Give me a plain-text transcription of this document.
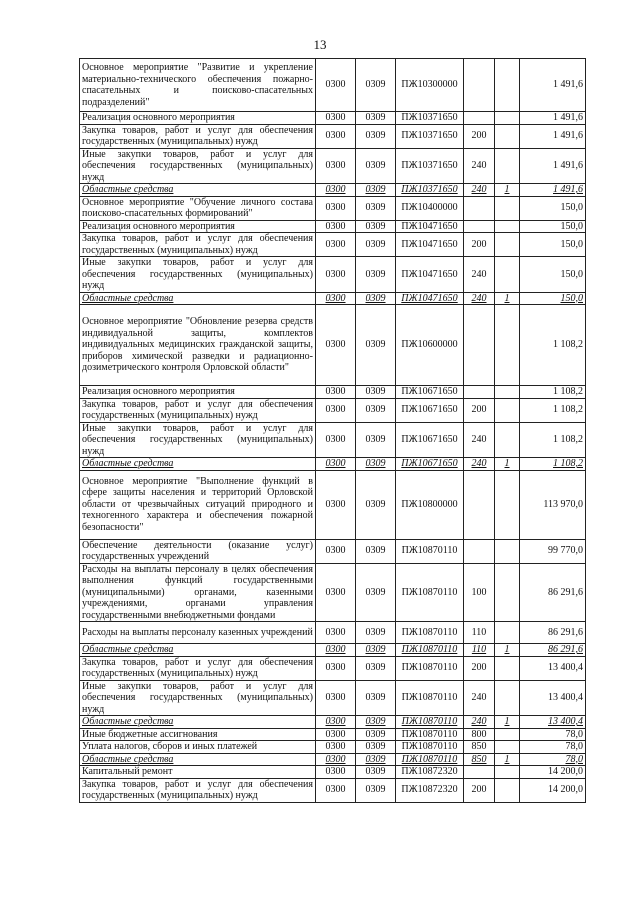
13
Основное мероприятие "Развитие и укрепление материально-технического обеспечения пожарно-спасательных и поисково-спасательных подразделений"	0300	0309	ПЖ10300000			1 491,6
Реализация основного мероприятия	0300	0309	ПЖ10371650			1 491,6
Закупка товаров, работ и услуг для обеспечения государственных (муниципальных) нужд	0300	0309	ПЖ10371650	200		1 491,6
Иные закупки товаров, работ и услуг для обеспечения государственных (муниципальных) нужд	0300	0309	ПЖ10371650	240		1 491,6
Областные средства	0300	0309	ПЖ10371650	240	1	1 491,6
Основное мероприятие "Обучение личного состава поисково-спасательных формирований"	0300	0309	ПЖ10400000			150,0
Реализация основного мероприятия	0300	0309	ПЖ10471650			150,0
Закупка товаров, работ и услуг для обеспечения государственных (муниципальных) нужд	0300	0309	ПЖ10471650	200		150,0
Иные закупки товаров, работ и услуг для обеспечения государственных (муниципальных) нужд	0300	0309	ПЖ10471650	240		150,0
Областные средства	0300	0309	ПЖ10471650	240	1	150,0
Основное мероприятие "Обновление резерва средств индивидуальной защиты, комплектов индивидуальных медицинских гражданской защиты, приборов химической разведки и радиационно-дозиметрического контроля Орловской области"	0300	0309	ПЖ10600000			1 108,2
Реализация основного мероприятия	0300	0309	ПЖ10671650			1 108,2
Закупка товаров, работ и услуг для обеспечения государственных (муниципальных) нужд	0300	0309	ПЖ10671650	200		1 108,2
Иные закупки товаров, работ и услуг для обеспечения государственных (муниципальных) нужд	0300	0309	ПЖ10671650	240		1 108,2
Областные средства	0300	0309	ПЖ10671650	240	1	1 108,2
Основное мероприятие "Выполнение функций в сфере защиты населения и территорий Орловской области от чрезвычайных ситуаций природного и техногенного характера и обеспечения пожарной безопасности"	0300	0309	ПЖ10800000			113 970,0
Обеспечение деятельности (оказание услуг) государственных учреждений	0300	0309	ПЖ10870110			99 770,0
Расходы на выплаты персоналу в целях обеспечения выполнения функций государственными (муниципальными) органами, казенными учреждениями, органами управления государственными внебюджетными фондами	0300	0309	ПЖ10870110	100		86 291,6
Расходы на выплаты персоналу казенных учреждений	0300	0309	ПЖ10870110	110		86 291,6
Областные средства	0300	0309	ПЖ10870110	110	1	86 291,6
Закупка товаров, работ и услуг для обеспечения государственных (муниципальных) нужд	0300	0309	ПЖ10870110	200		13 400,4
Иные закупки товаров, работ и услуг для обеспечения государственных (муниципальных) нужд	0300	0309	ПЖ10870110	240		13 400,4
Областные средства	0300	0309	ПЖ10870110	240	1	13 400,4
Иные бюджетные ассигнования	0300	0309	ПЖ10870110	800		78,0
Уплата налогов, сборов и иных платежей	0300	0309	ПЖ10870110	850		78,0
Областные средства	0300	0309	ПЖ10870110	850	1	78,0
Капитальный ремонт	0300	0309	ПЖ10872320			14 200,0
Закупка товаров, работ и услуг для обеспечения государственных (муниципальных) нужд	0300	0309	ПЖ10872320	200		14 200,0
